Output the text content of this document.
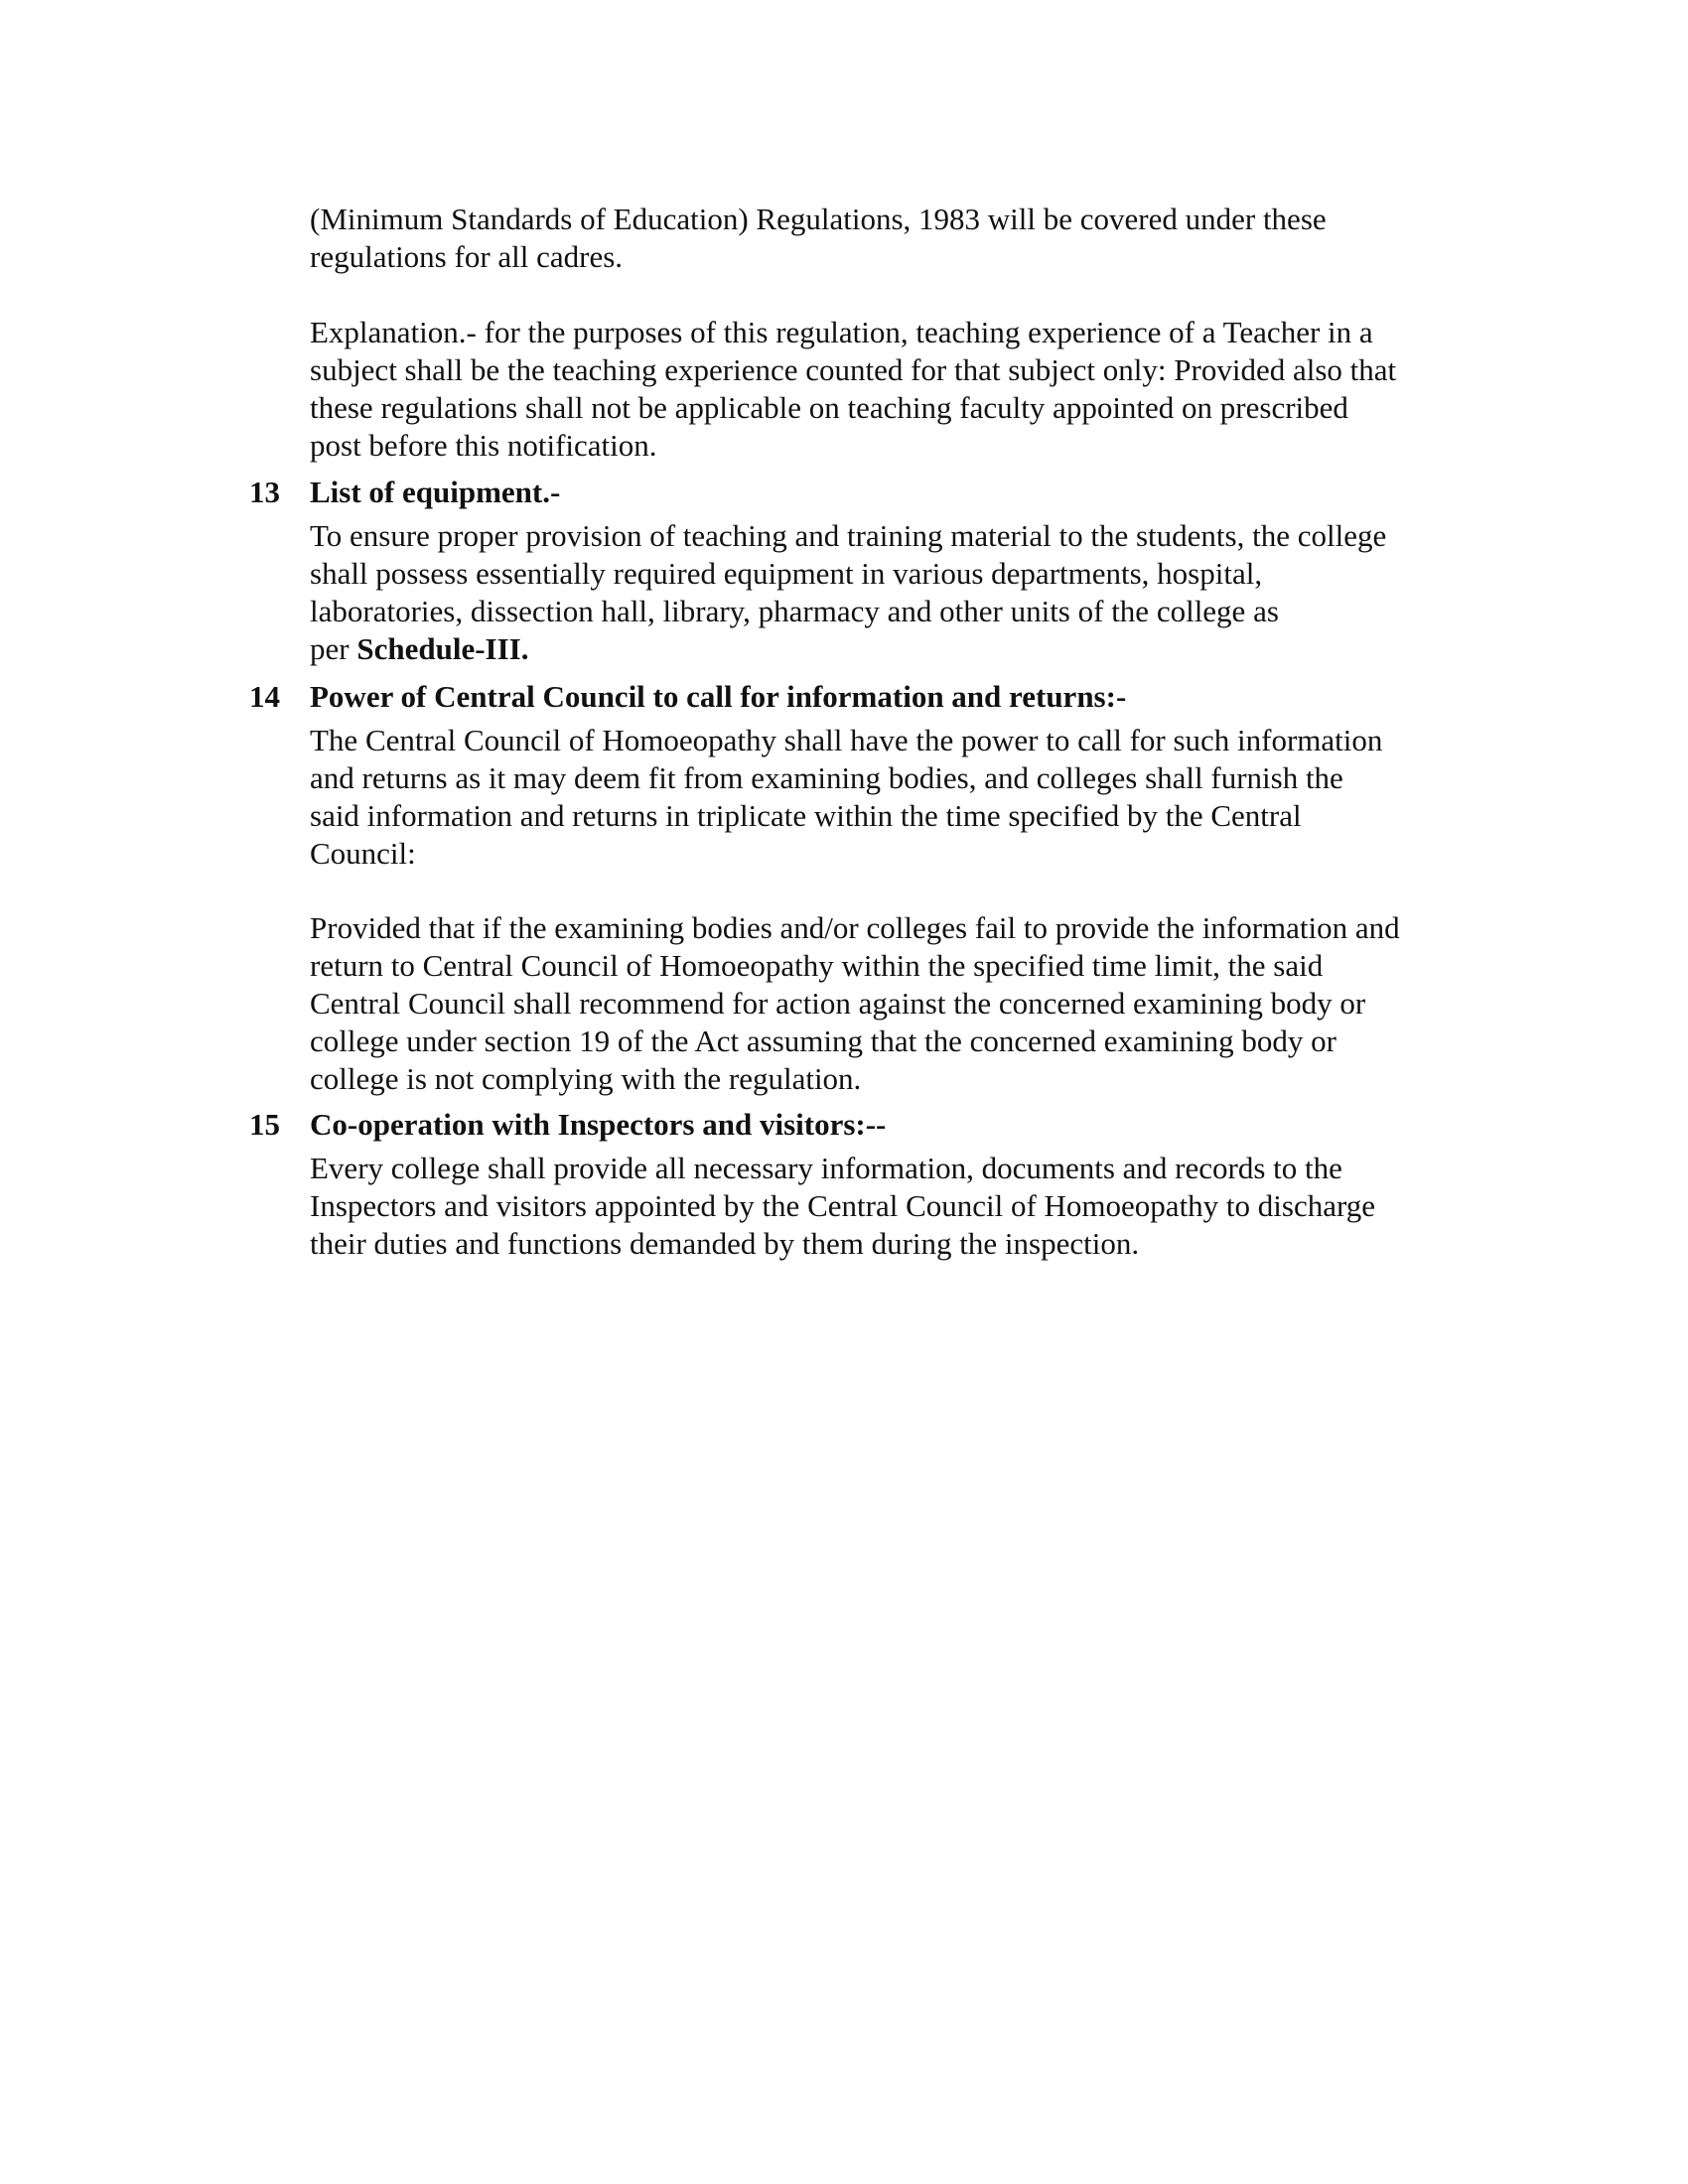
(Minimum Standards of Education) Regulations, 1983 will be covered under these
regulations for all cadres.
Explanation.- for the purposes of this regulation, teaching experience of a Teacher in a
subject shall be the teaching experience counted for that subject only: Provided also that
these regulations shall not be applicable on teaching faculty appointed on prescribed
post before this notification.
13 List of equipment.-
To ensure proper provision of teaching and training material to the students, the college
shall possess essentially required equipment in various departments, hospital,
laboratories, dissection hall, library, pharmacy and other units of the college as
per Schedule-III.
14 Power of Central Council to call for information and returns:-
The Central Council of Homoeopathy shall have the power to call for such information
and returns as it may deem fit from examining bodies, and colleges shall furnish the
said information and returns in triplicate within the time specified by the Central
Council:
Provided that if the examining bodies and/or colleges fail to provide the information and
return to Central Council of Homoeopathy within the specified time limit, the said
Central Council shall recommend for action against the concerned examining body or
college under section 19 of the Act assuming that the concerned examining body or
college is not complying with the regulation.
15 Co-operation with Inspectors and visitors:--
Every college shall provide all necessary information, documents and records to the
Inspectors and visitors appointed by the Central Council of Homoeopathy to discharge
their duties and functions demanded by them during the inspection.
